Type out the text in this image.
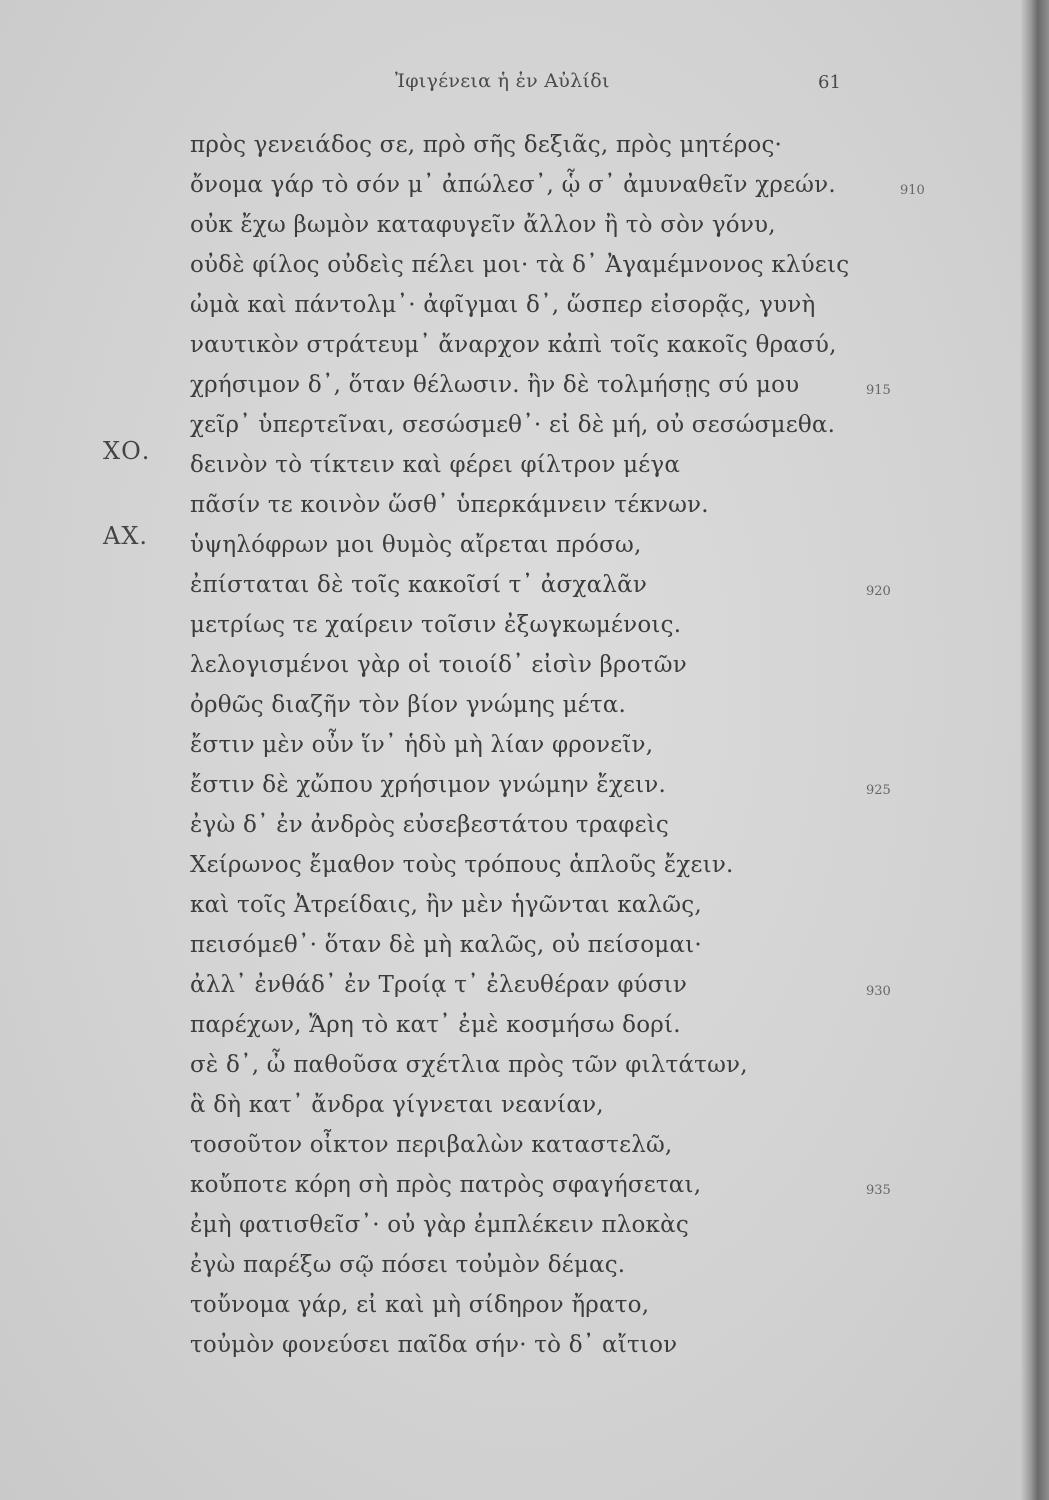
Ἰφιγένεια ἡ ἐν Αὐλίδι	61
ΧΟ.
ΑΧ.
910
915
920
925
930
935
πρὸς γενειάδος σε, πρὸ σῆς δεξιᾶς, πρὸς μητέρος·
ὄνομα γάρ τὸ σόν μ᾽ ἀπώλεσ᾽, ᾧ σ᾽ ἀμυναθεῖν χρεών.
οὐκ ἔχω βωμὸν καταφυγεῖν ἄλλον ἢ τὸ σὸν γόνυ,
οὐδὲ φίλος οὐδεὶς πέλει μοι· τὰ δ᾽ Ἀγαμέμνονος κλύεις
ὠμὰ καὶ πάντολμ᾽· ἀφῖγμαι δ᾽, ὥσπερ εἰσορᾷς, γυνὴ
ναυτικὸν στράτευμ᾽ ἄναρχον κἀπὶ τοῖς κακοῖς θρασύ,
χρήσιμον δ᾽, ὅταν θέλωσιν. ἢν δὲ τολμήσῃς σύ μου
χεῖρ᾽ ὑπερτεῖναι, σεσώσμεθ᾽· εἰ δὲ μή, οὐ σεσώσμεθα.
δεινὸν τὸ τίκτειν καὶ φέρει φίλτρον μέγα
πᾶσίν τε κοινὸν ὥσθ᾽ ὑπερκάμνειν τέκνων.
ὑψηλόφρων μοι θυμὸς αἴρεται πρόσω,
ἐπίσταται δὲ τοῖς κακοῖσί τ᾽ ἀσχαλᾶν
μετρίως τε χαίρειν τοῖσιν ἐξωγκωμένοις.
λελογισμένοι γὰρ οἱ τοιοίδ᾽ εἰσὶν βροτῶν
ὀρθῶς διαζῆν τὸν βίον γνώμης μέτα.
ἔστιν μὲν οὖν ἵν᾽ ἡδὺ μὴ λίαν φρονεῖν,
ἔστιν δὲ χὤπου χρήσιμον γνώμην ἔχειν.
ἐγὼ δ᾽ ἐν ἀνδρὸς εὐσεβεστάτου τραφεὶς
Χείρωνος ἔμαθον τοὺς τρόπους ἁπλοῦς ἔχειν.
καὶ τοῖς Ἀτρείδαις, ἢν μὲν ἡγῶνται καλῶς,
πεισόμεθ᾽· ὅταν δὲ μὴ καλῶς, οὐ πείσομαι·
ἀλλ᾽ ἐνθάδ᾽ ἐν Τροίᾳ τ᾽ ἐλευθέραν φύσιν
παρέχων, Ἄρη τὸ κατ᾽ ἐμὲ κοσμήσω δορί.
σὲ δ᾽, ὦ παθοῦσα σχέτλια πρὸς τῶν φιλτάτων,
ἃ δὴ κατ᾽ ἄνδρα γίγνεται νεανίαν,
τοσοῦτον οἶκτον περιβαλὼν καταστελῶ,
κοὔποτε κόρη σὴ πρὸς πατρὸς σφαγήσεται,
ἐμὴ φατισθεῖσ᾽· οὐ γὰρ ἐμπλέκειν πλοκὰς
ἐγὼ παρέξω σῷ πόσει τοὐμὸν δέμας.
τοὔνομα γάρ, εἰ καὶ μὴ σίδηρον ἤρατο,
τοὐμὸν φονεύσει παῖδα σήν· τὸ δ᾽ αἴτιον
